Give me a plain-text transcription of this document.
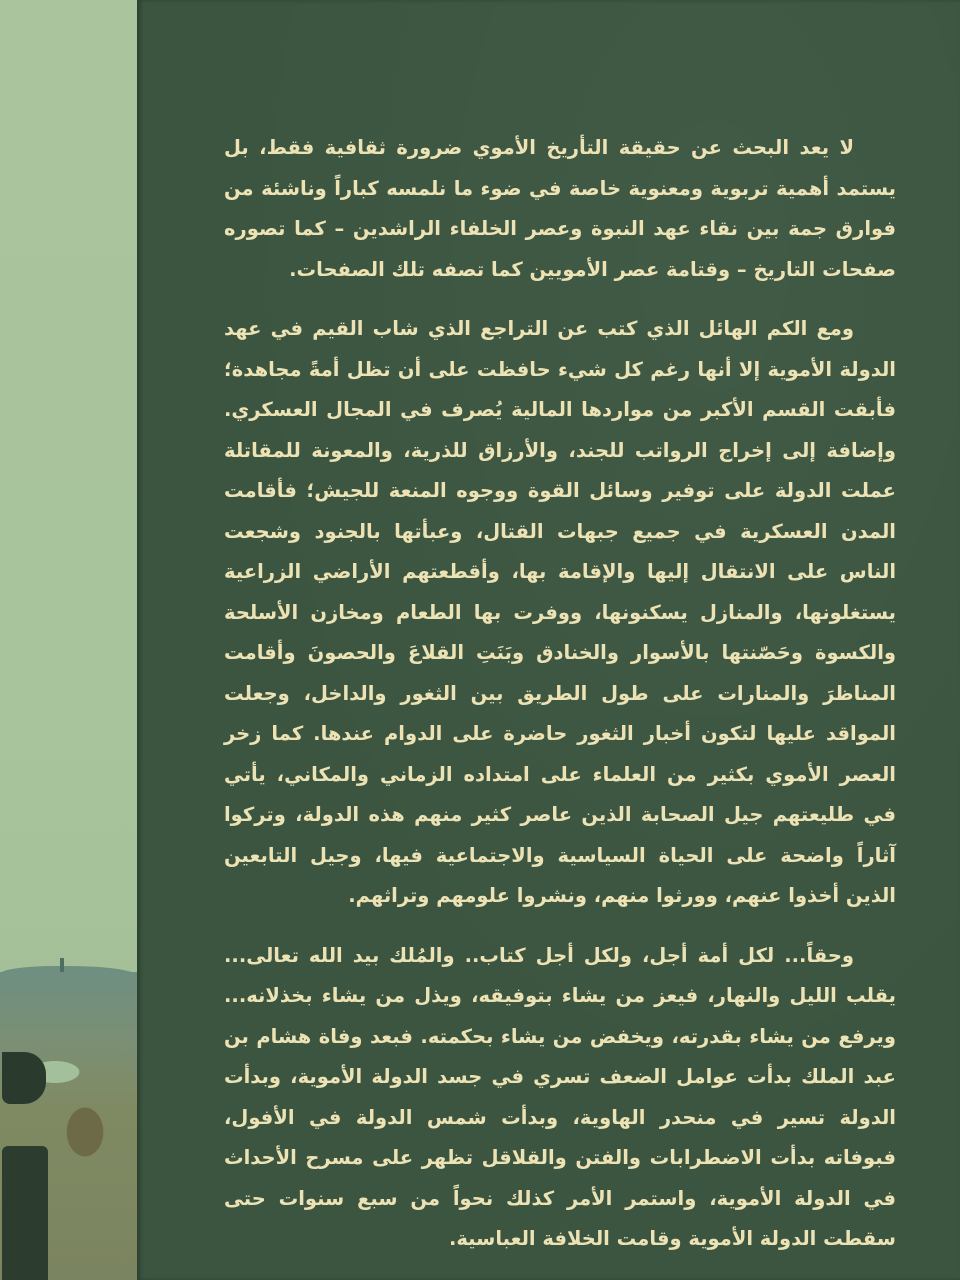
لا يعد البحث عن حقيقة التأريخ الأموي ضرورة ثقافية فقط، بل يستمد أهمية تربوية ومعنوية خاصة في ضوء ما نلمسه كباراً وناشئة من فوارق جمة بين نقاء عهد النبوة وعصر الخلفاء الراشدين – كما تصوره صفحات التاريخ – وقتامة عصر الأمويين كما تصفه تلك الصفحات.

ومع الكم الهائل الذي كتب عن التراجع الذي شاب القيم في عهد الدولة الأموية إلا أنها رغم كل شيء حافظت على أن تظل أمةً مجاهدة؛ فأبقت القسم الأكبر من مواردها المالية يُصرف في المجال العسكري. وإضافة إلى إخراج الرواتب للجند، والأرزاق للذرية، والمعونة للمقاتلة عملت الدولة على توفير وسائل القوة ووجوه المنعة للجيش؛ فأقامت المدن العسكرية في جميع جبهات القتال، وعبأتها بالجنود وشجعت الناس على الانتقال إليها والإقامة بها، وأقطعتهم الأراضي الزراعية يستغلونها، والمنازل يسكنونها، ووفرت بها الطعام ومخازن الأسلحة والكسوة وحَصّنتها بالأسوار والخنادق وبَنَتِ القلاعَ والحصونَ وأقامت المناظرَ والمنارات على طول الطريق بين الثغور والداخل، وجعلت المواقد عليها لتكون أخبار الثغور حاضرة على الدوام عندها. كما زخر العصر الأموي بكثير من العلماء على امتداده الزماني والمكاني، يأتي في طليعتهم جيل الصحابة الذين عاصر كثير منهم هذه الدولة، وتركوا آثاراً واضحة على الحياة السياسية والاجتماعية فيها، وجيل التابعين الذين أخذوا عنهم، وورثوا منهم، ونشروا علومهم وتراثهم.

وحقاً... لكل أمة أجل، ولكل أجل كتاب.. والمُلك بيد الله تعالى... يقلب الليل والنهار، فيعز من يشاء بتوفيقه، ويذل من يشاء بخذلانه... ويرفع من يشاء بقدرته، ويخفض من يشاء بحكمته. فبعد وفاة هشام بن عبد الملك بدأت عوامل الضعف تسري في جسد الدولة الأموية، وبدأت الدولة تسير في منحدر الهاوية، وبدأت شمس الدولة في الأفول، فبوفاته بدأت الاضطرابات والفتن والقلاقل تظهر على مسرح الأحداث في الدولة الأموية، واستمر الأمر كذلك نحواً من سبع سنوات حتى سقطت الدولة الأموية وقامت الخلافة العباسية.
